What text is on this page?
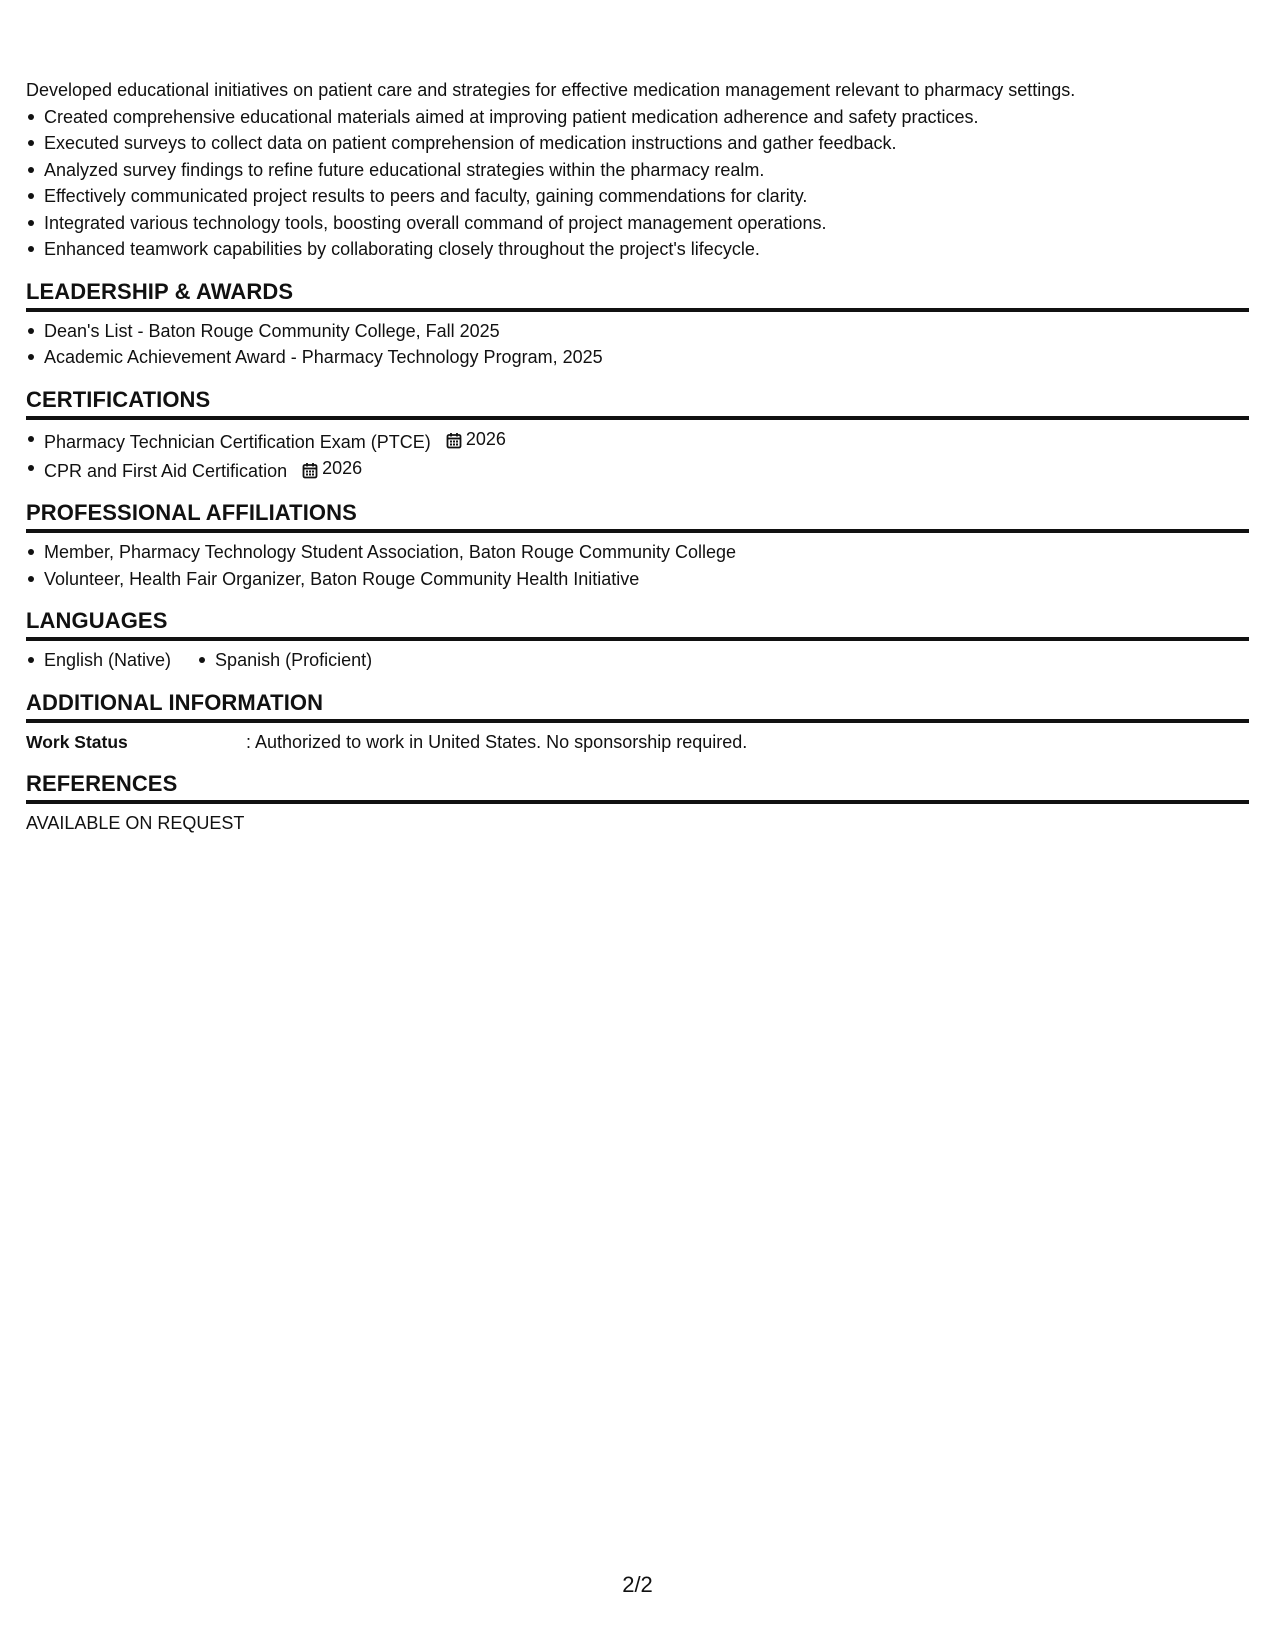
Developed educational initiatives on patient care and strategies for effective medication management relevant to pharmacy settings.

Created comprehensive educational materials aimed at improving patient medication adherence and safety practices.
Executed surveys to collect data on patient comprehension of medication instructions and gather feedback.
Analyzed survey findings to refine future educational strategies within the pharmacy realm.
Effectively communicated project results to peers and faculty, gaining commendations for clarity.
Integrated various technology tools, boosting overall command of project management operations.
Enhanced teamwork capabilities by collaborating closely throughout the project's lifecycle.
LEADERSHIP & AWARDS
Dean's List - Baton Rouge Community College, Fall 2025
Academic Achievement Award - Pharmacy Technology Program, 2025
CERTIFICATIONS
Pharmacy Technician Certification Exam (PTCE) 2026
CPR and First Aid Certification 2026
PROFESSIONAL AFFILIATIONS
Member, Pharmacy Technology Student Association, Baton Rouge Community College
Volunteer, Health Fair Organizer, Baton Rouge Community Health Initiative
LANGUAGES
English (Native)	Spanish (Proficient)
ADDITIONAL INFORMATION
Work Status	: Authorized to work in United States. No sponsorship required.
REFERENCES

AVAILABLE ON REQUEST

2/2
